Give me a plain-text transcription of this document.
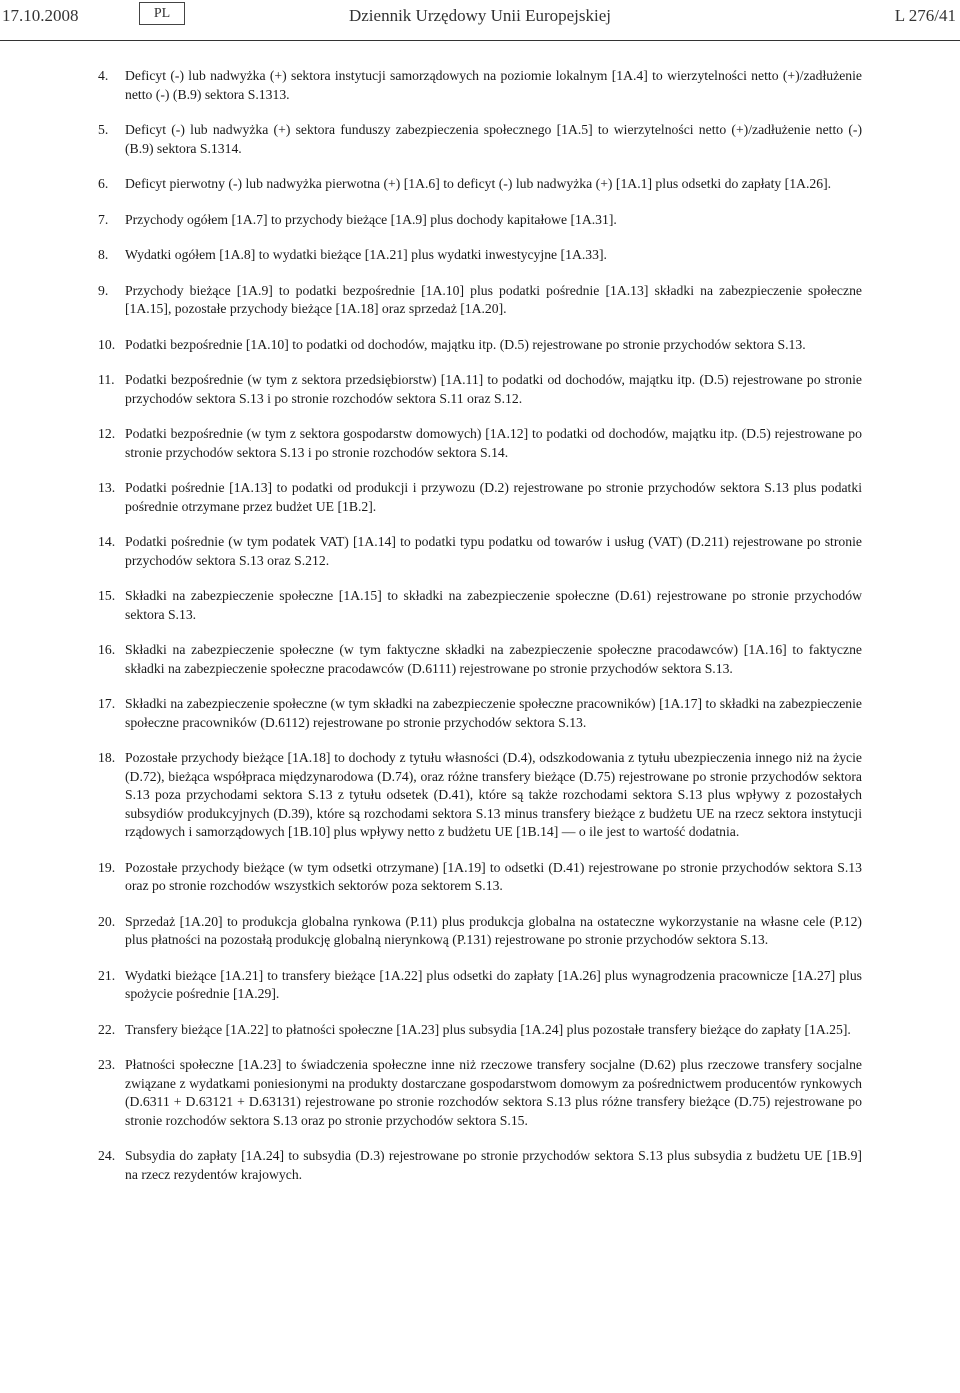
17.10.2008	PL	Dziennik Urzędowy Unii Europejskiej	L 276/41
4.	Deficyt (-) lub nadwyżka (+) sektora instytucji samorządowych na poziomie lokalnym [1A.4] to wierzytelności netto (+)/zadłużenie netto (-) (B.9) sektora S.1313.
5.	Deficyt (-) lub nadwyżka (+) sektora funduszy zabezpieczenia społecznego [1A.5] to wierzytelności netto (+)/zadłużenie netto (-) (B.9) sektora S.1314.
6.	Deficyt pierwotny (-) lub nadwyżka pierwotna (+) [1A.6] to deficyt (-) lub nadwyżka (+) [1A.1] plus odsetki do zapłaty [1A.26].
7.	Przychody ogółem [1A.7] to przychody bieżące [1A.9] plus dochody kapitałowe [1A.31].
8.	Wydatki ogółem [1A.8] to wydatki bieżące [1A.21] plus wydatki inwestycyjne [1A.33].
9.	Przychody bieżące [1A.9] to podatki bezpośrednie [1A.10] plus podatki pośrednie [1A.13] składki na zabezpieczenie społeczne [1A.15], pozostałe przychody bieżące [1A.18] oraz sprzedaż [1A.20].
10. Podatki bezpośrednie [1A.10] to podatki od dochodów, majątku itp. (D.5) rejestrowane po stronie przychodów sektora S.13.
11. Podatki bezpośrednie (w tym z sektora przedsiębiorstw) [1A.11] to podatki od dochodów, majątku itp. (D.5) rejestrowane po stronie przychodów sektora S.13 i po stronie rozchodów sektora S.11 oraz S.12.
12. Podatki bezpośrednie (w tym z sektora gospodarstw domowych) [1A.12] to podatki od dochodów, majątku itp. (D.5) rejestrowane po stronie przychodów sektora S.13 i po stronie rozchodów sektora S.14.
13. Podatki pośrednie [1A.13] to podatki od produkcji i przywozu (D.2) rejestrowane po stronie przychodów sektora S.13 plus podatki pośrednie otrzymane przez budżet UE [1B.2].
14. Podatki pośrednie (w tym podatek VAT) [1A.14] to podatki typu podatku od towarów i usług (VAT) (D.211) rejestrowane po stronie przychodów sektora S.13 oraz S.212.
15. Składki na zabezpieczenie społeczne [1A.15] to składki na zabezpieczenie społeczne (D.61) rejestrowane po stronie przychodów sektora S.13.
16. Składki na zabezpieczenie społeczne (w tym faktyczne składki na zabezpieczenie społeczne pracodawców) [1A.16] to faktyczne składki na zabezpieczenie społeczne pracodawców (D.6111) rejestrowane po stronie przychodów sektora S.13.
17. Składki na zabezpieczenie społeczne (w tym składki na zabezpieczenie społeczne pracowników) [1A.17] to składki na zabezpieczenie społeczne pracowników (D.6112) rejestrowane po stronie przychodów sektora S.13.
18. Pozostałe przychody bieżące [1A.18] to dochody z tytułu własności (D.4), odszkodowania z tytułu ubezpieczenia innego niż na życie (D.72), bieżąca współpraca międzynarodowa (D.74), oraz różne transfery bieżące (D.75) rejestrowane po stronie przychodów sektora S.13 poza przychodami sektora S.13 z tytułu odsetek (D.41), które są także rozchodami sektora S.13 plus wpływy z pozostałych subsydiów produkcyjnych (D.39), które są rozchodami sektora S.13 minus transfery bieżące z budżetu UE na rzecz sektora instytucji rządowych i samorządowych [1B.10] plus wpływy netto z budżetu UE [1B.14] — o ile jest to wartość dodatnia.
19. Pozostałe przychody bieżące (w tym odsetki otrzymane) [1A.19] to odsetki (D.41) rejestrowane po stronie przychodów sektora S.13 oraz po stronie rozchodów wszystkich sektorów poza sektorem S.13.
20. Sprzedaż [1A.20] to produkcja globalna rynkowa (P.11) plus produkcja globalna na ostateczne wykorzystanie na własne cele (P.12) plus płatności na pozostałą produkcję globalną nierynkową (P.131) rejestrowane po stronie przychodów sektora S.13.
21. Wydatki bieżące [1A.21] to transfery bieżące [1A.22] plus odsetki do zapłaty [1A.26] plus wynagrodzenia pracownicze [1A.27] plus spożycie pośrednie [1A.29].
22. Transfery bieżące [1A.22] to płatności społeczne [1A.23] plus subsydia [1A.24] plus pozostałe transfery bieżące do zapłaty [1A.25].
23. Płatności społeczne [1A.23] to świadczenia społeczne inne niż rzeczowe transfery socjalne (D.62) plus rzeczowe transfery socjalne związane z wydatkami poniesionymi na produkty dostarczane gospodarstwom domowym za pośrednictwem producentów rynkowych (D.6311 + D.63121 + D.63131) rejestrowane po stronie rozchodów sektora S.13 plus różne transfery bieżące (D.75) rejestrowane po stronie rozchodów sektora S.13 oraz po stronie przychodów sektora S.15.
24. Subsydia do zapłaty [1A.24] to subsydia (D.3) rejestrowane po stronie przychodów sektora S.13 plus subsydia z budżetu UE [1B.9] na rzecz rezydentów krajowych.
